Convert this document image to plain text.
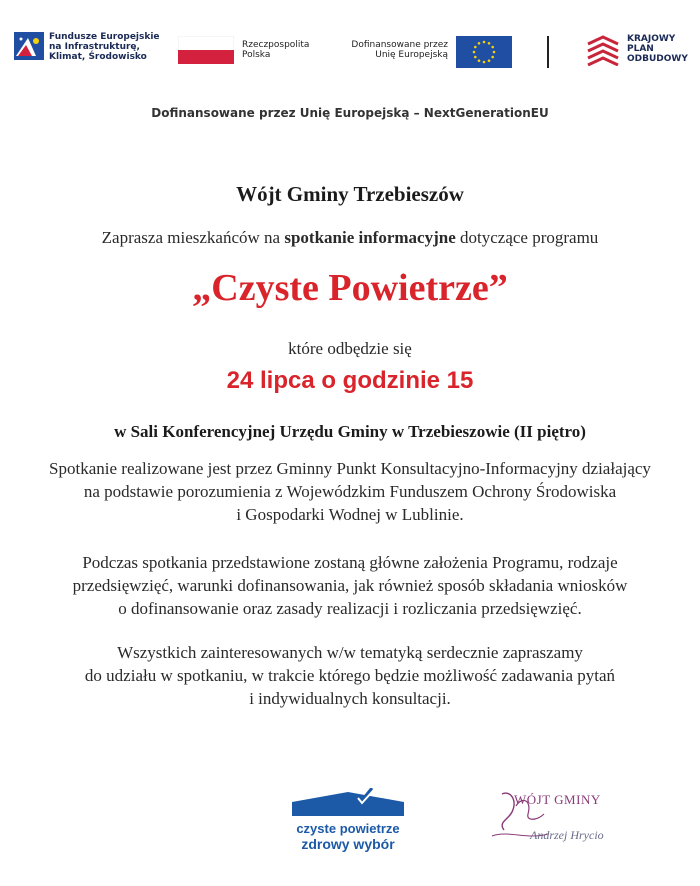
Fundusze Europejskie
na Infrastrukturę,
Klimat, Środowisko
Rzeczpospolita
Polska
Dofinansowane przez
Unię Europejską
KRAJOWY
PLAN
ODBUDOWY
Dofinansowane przez Unię Europejską – NextGenerationEU
Wójt Gminy Trzebieszów
Zaprasza mieszkańców na spotkanie informacyjne dotyczące programu
„Czyste Powietrze”
które odbędzie się
24 lipca o godzinie 15
w Sali Konferencyjnej Urzędu Gminy w Trzebieszowie (II piętro)
Spotkanie realizowane jest przez Gminny Punkt Konsultacyjno-Informacyjny działający
na podstawie porozumienia z Wojewódzkim Funduszem Ochrony Środowiska
i Gospodarki Wodnej w Lublinie.
Podczas spotkania przedstawione zostaną główne założenia Programu, rodzaje
przedsięwzięć, warunki dofinansowania, jak również sposób składania wniosków
o dofinansowanie oraz zasady realizacji i rozliczania przedsięwzięć.
Wszystkich zainteresowanych w/w tematyką serdecznie zapraszamy
do udziału w spotkaniu, w trakcie którego będzie możliwość zadawania pytań
i indywidualnych konsultacji.
czyste powietrze
zdrowy wybór
WÓJT GMINY
Andrzej Hrycio
